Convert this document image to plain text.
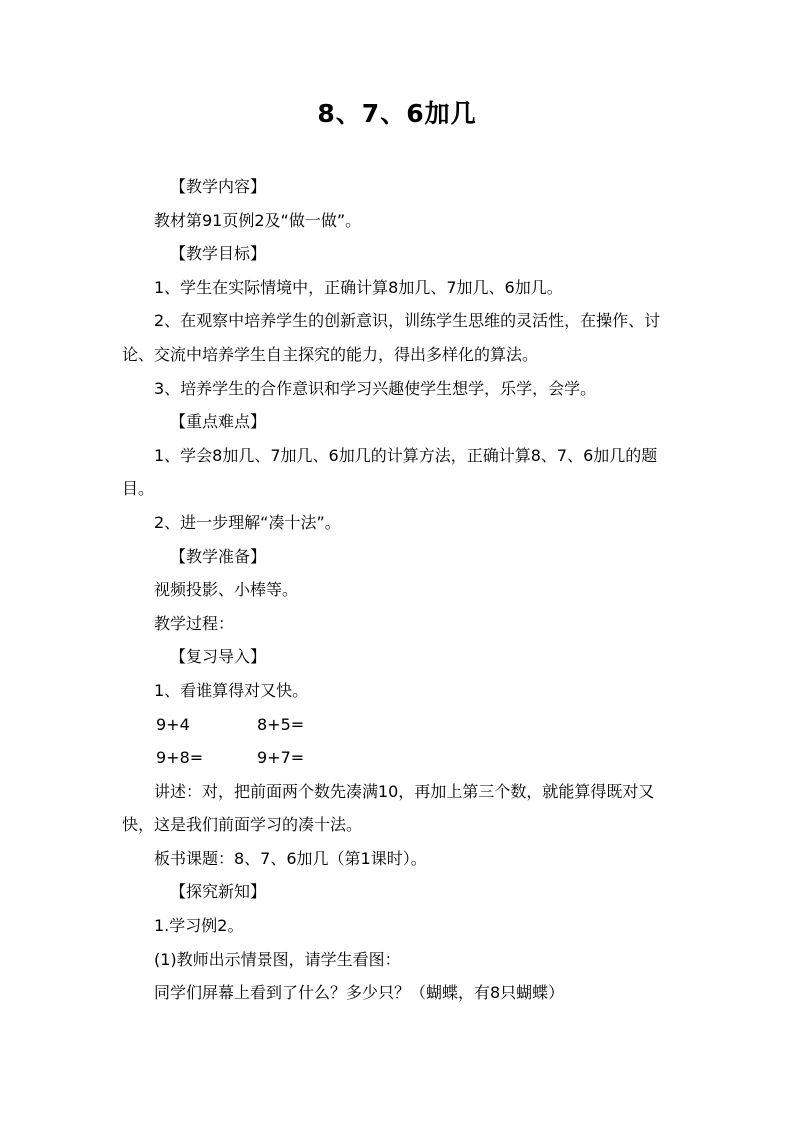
8、7、6加几
【教学内容】
教材第91页例2及“做一做”。
【教学目标】
1、学生在实际情境中，正确计算8加几、7加几、6加几。
2、在观察中培养学生的创新意识，训练学生思维的灵活性，在操作、讨论、交流中培养学生自主探究的能力，得出多样化的算法。
3、培养学生的合作意识和学习兴趣使学生想学，乐学，会学。
【重点难点】
1、学会8加几、7加几、6加几的计算方法，正确计算8、7、6加几的题目。
2、进一步理解“凑十法”。
【教学准备】
视频投影、小棒等。
教学过程：
【复习导入】
1、看谁算得对又快。
9+4	8+5=
9+8=	9+7=
讲述：对，把前面两个数先凑满10，再加上第三个数，就能算得既对又快，这是我们前面学习的凑十法。
板书课题：8、7、6加几（第1课时）。
【探究新知】
1.学习例2。
(1)教师出示情景图，请学生看图：
同学们屏幕上看到了什么？多少只？（蝴蝶，有8只蝴蝶）
